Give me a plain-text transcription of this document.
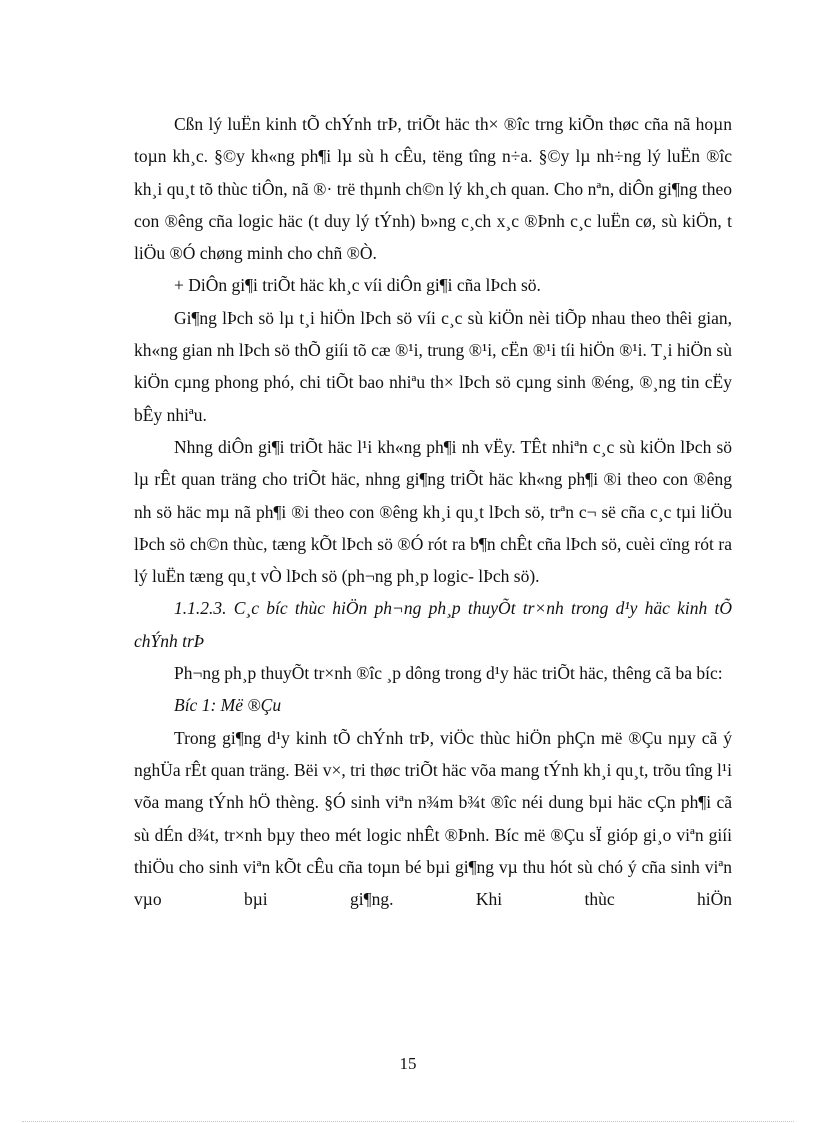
Cßn lý luËn kinh tÕ chÝnh trÞ, triÕt häc th× ®îc trng kiÕn thøc cña nã hoµn toµn kh¸c. §©y kh«ng ph¶i lµ sù h cÊu, tëng tîng n÷a. §©y lµ nh÷ng lý luËn ®îc kh¸i qu¸t tõ thùc tiÔn, nã ®· trë thµnh ch©n lý kh¸ch quan. Cho nªn, diÔn gi¶ng theo con ®êng cña logic häc (t duy lý tÝnh) b»ng c¸ch x¸c ®Þnh c¸c luËn cø, sù kiÖn, t liÖu ®Ó chøng minh cho chñ ®Ò.

+ DiÔn gi¶i triÕt häc kh¸c víi diÔn gi¶i cña lÞch sö.

Gi¶ng lÞch sö lµ t¸i hiÖn lÞch sö víi c¸c sù kiÖn nèi tiÕp nhau theo thêi gian, kh«ng gian nh lÞch sö thÕ giíi tõ cæ ®¹i, trung ®¹i, cËn ®¹i tíi hiÖn ®¹i. T¸i hiÖn sù kiÖn cµng phong phó, chi tiÕt bao nhiªu th× lÞch sö cµng sinh ®éng, ®¸ng tin cËy bÊy nhiªu.

Nhng diÔn gi¶i triÕt häc l¹i kh«ng ph¶i nh vËy. TÊt nhiªn c¸c sù kiÖn lÞch sö lµ rÊt quan träng cho triÕt häc, nhng gi¶ng triÕt häc kh«ng ph¶i ®i theo con ®êng nh sö häc mµ nã ph¶i ®i theo con ®êng kh¸i qu¸t lÞch sö, trªn c¬ së cña c¸c tµi liÖu lÞch sö ch©n thùc, tæng kÕt lÞch sö ®Ó rót ra b¶n chÊt cña lÞch sö, cuèi cïng rót ra lý luËn tæng qu¸t vÒ lÞch sö (ph¬ng ph¸p logic- lÞch sö).

1.1.2.3. C¸c bíc thùc hiÖn ph¬ng ph¸p thuyÕt tr×nh trong d¹y häc kinh tÕ chÝnh trÞ

Ph¬ng ph¸p thuyÕt tr×nh ®îc ¸p dông trong d¹y häc triÕt häc, thêng cã ba bíc:

Bíc 1: Më ®Çu

Trong gi¶ng d¹y kinh tÕ chÝnh trÞ, viÖc thùc hiÖn phÇn më ®Çu nµy cã ý nghÜa rÊt quan träng. Bëi v×, tri thøc triÕt häc võa mang tÝnh kh¸i qu¸t, trõu tîng l¹i võa mang tÝnh hÖ thèng. §Ó sinh viªn n¾m b¾t ®îc néi dung bµi häc cÇn ph¶i cã sù dÉn d¾t, tr×nh bµy theo mét logic nhÊt ®Þnh. Bíc më ®Çu sÏ gióp gi¸o viªn giíi thiÖu cho sinh viªn kÕt cÊu cña toµn bé bµi gi¶ng vµ thu hót sù chó ý cña sinh viªn vµo bµi gi¶ng. Khi thùc hiÖn

15
